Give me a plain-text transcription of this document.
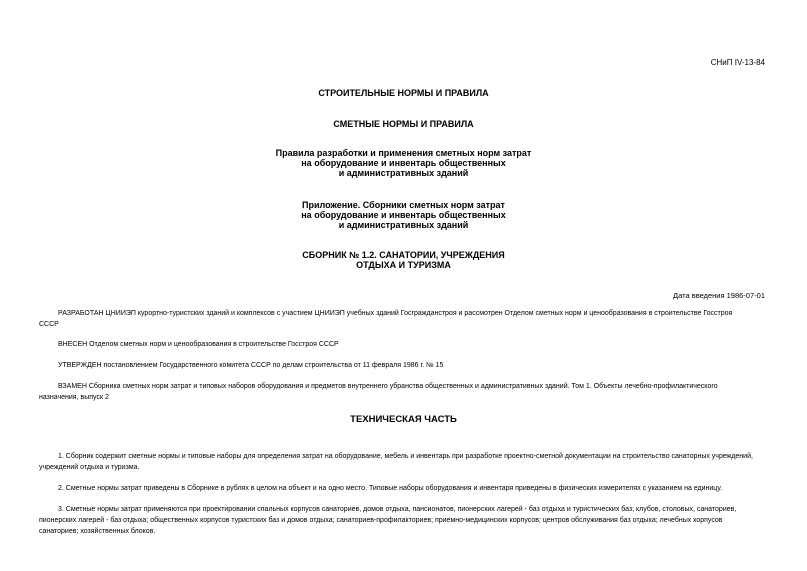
СНиП IV-13-84
СТРОИТЕЛЬНЫЕ НОРМЫ И ПРАВИЛА
СМЕТНЫЕ НОРМЫ И ПРАВИЛА
Правила разработки и применения сметных норм затрат
на оборудование и инвентарь общественных
и административных зданий
Приложение. Сборники сметных норм затрат
на оборудование и инвентарь общественных
и административных зданий
СБОРНИК № 1.2. САНАТОРИИ, УЧРЕЖДЕНИЯ
ОТДЫХА И ТУРИЗМА
Дата введения 1986-07-01
РАЗРАБОТАН ЦНИИЭП курортно-туристских зданий и комплексов с участием ЦНИИЭП учебных зданий Госгражданстроя и рассмотрен Отделом сметных норм и ценообразования в строительстве Госстроя
СССР
ВНЕСЕН Отделом сметных норм и ценообразования в строительстве Госстроя СССР
УТВЕРЖДЕН постановлением Государственного комитета СССР по делам строительства от 11 февраля 1986 г. № 15
ВЗАМЕН Сборника сметных норм затрат и типовых наборов оборудования и предметов внутреннего убранства общественных и административных зданий. Том 1. Объекты лечебно-профилактического
назначения, выпуск 2
ТЕХНИЧЕСКАЯ ЧАСТЬ
1. Сборник содержит сметные нормы и типовые наборы для определения затрат на оборудование, мебель и инвентарь при разработке проектно-сметной документации на строительство санаторных учреждений,
учреждений отдыха и туризма.
2. Сметные нормы затрат приведены в Сборнике в рублях в целом на объект и на одно место. Типовые наборы оборудования и инвентаря приведены в физических измерителях с указанием на единицу.
3. Сметные нормы затрат применяются при проектировании спальных корпусов санаториев, домов отдыха, пансионатов, пионерских лагерей - баз отдыха и туристических баз; клубов, столовых, санаториев,
пионерских лагерей - баз отдыха; общественных корпусов туристских баз и домов отдыха; санаториев-профилакториев; приемно-медицинских корпусов; центров обслуживания баз отдыха; лечебных корпусов
санаториев; хозяйственных блоков.
